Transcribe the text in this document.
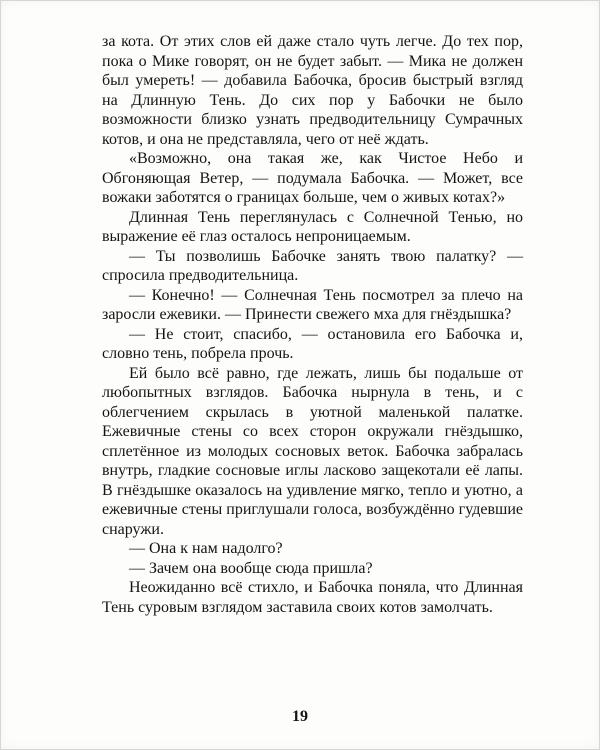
за кота. От этих слов ей даже стало чуть легче. До тех пор, пока о Мике говорят, он не будет забыт. — Мика не должен был умереть! — добавила Бабочка, бросив быстрый взгляд на Длинную Тень. До сих пор у Бабочки не было возможности близко узнать предводительницу Сумрачных котов, и она не представляла, чего от неё ждать.

«Возможно, она такая же, как Чистое Небо и Обгоняющая Ветер, — подумала Бабочка. — Может, все вожаки заботятся о границах больше, чем о живых котах?»

Длинная Тень переглянулась с Солнечной Тенью, но выражение её глаз осталось непроницаемым.

— Ты позволишь Бабочке занять твою палатку? — спросила предводительница.

— Конечно! — Солнечная Тень посмотрел за плечо на заросли ежевики. — Принести свежего мха для гнёздышка?

— Не стоит, спасибо, — остановила его Бабочка и, словно тень, побрела прочь.

Ей было всё равно, где лежать, лишь бы подальше от любопытных взглядов. Бабочка нырнула в тень, и с облегчением скрылась в уютной маленькой палатке. Ежевичные стены со всех сторон окружали гнёздышко, сплетённое из молодых сосновых веток. Бабочка забралась внутрь, гладкие сосновые иглы ласково защекотали её лапы. В гнёздышке оказалось на удивление мягко, тепло и уютно, а ежевичные стены приглушали голоса, возбуждённо гудевшие снаружи.

— Она к нам надолго?

— Зачем она вообще сюда пришла?

Неожиданно всё стихло, и Бабочка поняла, что Длинная Тень суровым взглядом заставила своих котов замолчать.

19
